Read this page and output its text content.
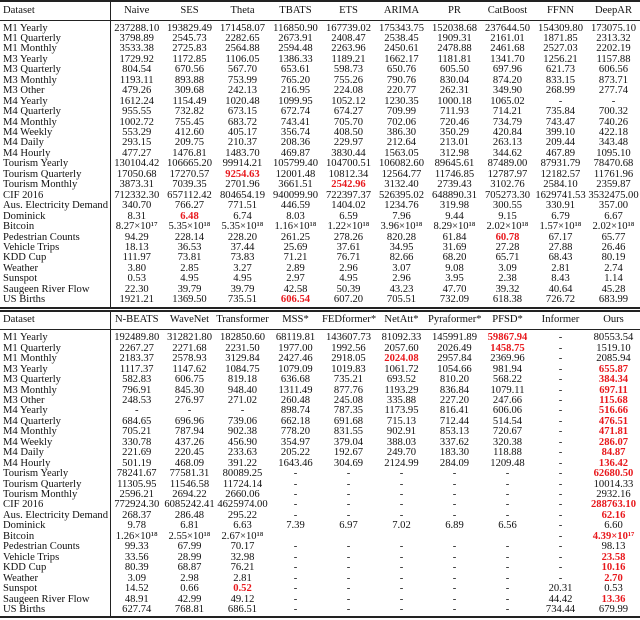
Dataset	Naive	SES	Theta	TBATS	ETS	ARIMA	PR	CatBoost	FFNN	DeepAR
M1 Yearly	237288.10	193829.49	171458.07	116850.90	167739.02	175343.75	152038.68	237644.50	154309.80	173075.10
M1 Quarterly	3798.89	2545.73	2282.65	2673.91	2408.47	2538.45	1909.31	2161.01	1871.85	2313.32
M1 Monthly	3533.38	2725.83	2564.88	2594.48	2263.96	2450.61	2478.88	2461.68	2527.03	2202.19
M3 Yearly	1729.92	1172.85	1106.05	1386.33	1189.21	1662.17	1181.81	1341.70	1256.21	1157.88
M3 Quarterly	804.54	670.56	567.70	653.61	598.73	650.76	605.50	697.96	621.73	606.56
M3 Monthly	1193.11	893.88	753.99	765.20	755.26	790.76	830.04	874.20	833.15	873.71
M3 Other	479.26	309.68	242.13	216.95	224.08	220.77	262.31	349.90	268.99	277.74
M4 Yearly	1612.24	1154.49	1020.48	1099.95	1052.12	1230.35	1000.18	1065.02	-	-
M4 Quarterly	955.55	732.82	673.15	672.74	674.27	709.99	711.93	714.21	735.84	700.32
M4 Monthly	1002.72	755.45	683.72	743.41	705.70	702.06	720.46	734.79	743.47	740.26
M4 Weekly	553.29	412.60	405.17	356.74	408.50	386.30	350.29	420.84	399.10	422.18
M4 Daily	293.15	209.75	210.37	208.36	229.97	212.64	213.01	263.13	209.44	343.48
M4 Hourly	477.27	1476.81	1483.70	469.87	3830.44	1563.05	312.98	344.62	467.89	1095.10
Tourism Yearly	130104.42	106665.20	99914.21	105799.40	104700.51	106082.60	89645.61	87489.00	87931.79	78470.68
Tourism Quarterly	17050.68	17270.57	9254.63	12001.48	10812.34	12564.77	11746.85	12787.97	12182.57	11761.96
Tourism Monthly	3873.31	7039.35	2701.96	3661.51	2542.96	3132.40	2739.43	3102.76	2584.10	2359.87
CIF 2016	712332.30	657112.42	804654.19	940099.90	722397.37	526395.02	648890.31	705273.30	1629741.53	3532475.00
Aus. Electricity Demand	340.70	766.27	771.51	446.59	1404.02	1234.76	319.98	300.55	330.91	357.00
Dominick	8.31	6.48	6.74	8.03	6.59	7.96	9.44	9.15	6.79	6.67
Bitcoin	8.27×10¹⁷	5.35×10¹⁸	5.35×10¹⁸	1.16×10¹⁸	1.22×10¹⁸	3.96×10¹⁸	8.29×10¹⁸	2.02×10¹⁸	1.57×10¹⁸	2.02×10¹⁸
Pedestrian Counts	94.29	228.14	228.20	261.25	278.26	820.28	61.84	60.78	67.17	65.77
Vehicle Trips	18.13	36.53	37.44	25.69	37.61	34.95	31.69	27.28	27.88	26.46
KDD Cup	111.97	73.81	73.83	71.21	76.71	82.66	68.20	65.71	68.43	80.19
Weather	3.80	2.85	3.27	2.89	2.96	3.07	9.08	3.09	2.81	2.74
Sunspot	0.53	4.95	4.95	2.97	4.95	2.96	3.95	2.38	8.43	1.14
Saugeen River Flow	22.30	39.79	39.79	42.58	50.39	43.23	47.70	39.32	40.64	45.28
US Births	1921.21	1369.50	735.51	606.54	607.20	705.51	732.09	618.38	726.72	683.99
Dataset	N-BEATS	WaveNet	Transformer	MSS*	FEDformer*	NetAtt*	Pyraformer*	PFSD*	Informer	Ours
M1 Yearly	192489.80	312821.80	182850.60	68119.81	143607.73	81092.33	145991.89	59867.94	-	80553.54
M1 Quarterly	2267.27	2271.68	2231.50	1977.00	1992.56	2057.60	2026.49	1458.75	-	1519.10
M1 Monthly	2183.37	2578.93	3129.84	2427.46	2918.05	2024.08	2957.84	2369.96	-	2085.94
M3 Yearly	1117.37	1147.62	1084.75	1079.09	1019.83	1061.72	1054.66	981.94	-	655.87
M3 Quarterly	582.83	606.75	819.18	636.68	735.21	693.52	810.20	568.22	-	384.34
M3 Monthly	796.91	845.30	948.40	1311.49	877.76	1193.29	836.84	1079.11	-	697.11
M3 Other	248.53	276.97	271.02	260.48	245.08	335.88	227.20	247.66	-	115.68
M4 Yearly	-	-	-	898.74	787.35	1173.95	816.41	606.06	-	516.66
M4 Quarterly	684.65	696.96	739.06	662.18	691.68	715.13	712.44	514.54	-	476.51
M4 Monthly	705.21	787.94	902.38	778.20	831.55	902.91	853.13	720.67	-	471.81
M4 Weekly	330.78	437.26	456.90	354.97	379.04	388.03	337.62	320.38	-	286.07
M4 Daily	221.69	220.45	233.63	205.22	192.67	249.70	183.30	118.88	-	84.87
M4 Hourly	501.19	468.09	391.22	1643.46	304.69	2124.99	284.09	1209.48	-	136.42
Tourism Yearly	78241.67	77581.31	80089.25	-	-	-	-	-	-	62680.50
Tourism Quarterly	11305.95	11546.58	11724.14	-	-	-	-	-	-	10014.33
Tourism Monthly	2596.21	2694.22	2660.06	-	-	-	-	-	-	2932.16
CIF 2016	772924.30	6085242.41	4625974.00	-	-	-	-	-	-	288763.10
Aus. Electricity Demand	268.37	286.48	295.22	-	-	-	-	-	-	62.16
Dominick	9.78	6.81	6.63	7.39	6.97	7.02	6.89	6.56	-	6.60
Bitcoin	1.26×10¹⁸	2.55×10¹⁸	2.67×10¹⁸						-	4.39×10¹⁷
Pedestrian Counts	99.33	67.99	70.17	-	-	-	-	-	-	98.13
Vehicle Trips	33.56	28.99	32.98	-	-	-	-	-	-	23.58
KDD Cup	80.39	68.87	76.21	-	-	-	-	-	-	10.16
Weather	3.09	2.98	2.81	-	-	-	-	-	-	2.70
Sunspot	14.52	0.66	0.52	-	-	-	-	-	20.31	0.53
Saugeen River Flow	48.91	42.99	49.12	-	-	-	-	-	44.42	13.36
US Births	627.74	768.81	686.51	-	-	-	-	-	734.44	679.99
